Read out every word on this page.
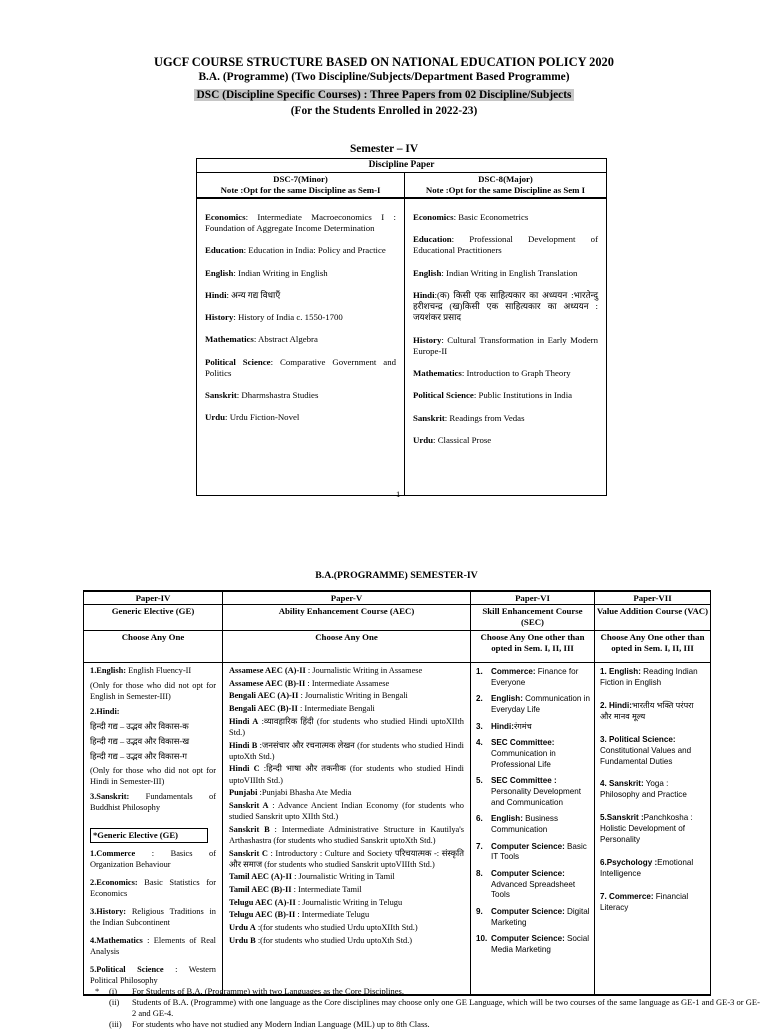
UGCF COURSE STRUCTURE BASED ON NATIONAL EDUCATION POLICY 2020
B.A. (Programme) (Two Discipline/Subjects/Department Based Programme)
DSC (Discipline Specific Courses) : Three Papers from 02 Discipline/Subjects
(For the Students Enrolled in 2022-23)
Semester – IV
Discipline Paper	

DSC-7(Minor)
Note :Opt for the same Discipline as Sem-I

DSC-8(Major)
Note :Opt for the same Discipline as Sem I

Economics: Intermediate Macroeconomics I : Foundation of Aggregate Income Determination
Education: Education in India: Policy and Practice
English: Indian Writing in English
Hindi: अन्य गद्य विधाएँ
History: History of India c. 1550-1700
Mathematics: Abstract Algebra
Political Science: Comparative Government and Politics
Sanskrit: Dharmshastra Studies
Urdu: Urdu Fiction-Novel

Economics: Basic Econometrics
Education: Professional Development of Educational Practitioners
English: Indian Writing in English Translation
Hindi:(क) किसी एक साहित्यकार का अध्ययन :भारतेन्दु हरीशचन्द्र (ख)किसी एक साहित्यकार का अध्ययन : जयशंकर प्रसाद
History: Cultural Transformation in Early Modern Europe-II
Mathematics: Introduction to Graph Theory
Political Science: Public Institutions in India
Sanskrit: Readings from Vedas
Urdu: Classical Prose
1
B.A.(PROGRAMME) SEMESTER-IV
Paper-IV	Paper-V	Paper-VI	Paper-VII
Generic Elective (GE)	Ability Enhancement Course (AEC)	Skill Enhancement Course (SEC)	Value Addition Course (VAC)
Choose Any One	Choose Any One	Choose Any One other than opted in Sem. I, II, III	Choose Any One other than opted in Sem. I, II, III

1.English: English Fluency-II
(Only for those who did not opt for English in Semester-III)
2.Hindi:
हिन्दी गद्य – उद्भव और विकास-क
हिन्दी गद्य – उद्भव और विकास-ख
हिन्दी गद्य – उद्भव और विकास-ग
(Only for those who did not opt for Hindi in Semester-III)
3.Sanskrit: Fundamentals of Buddhist Philosophy
*Generic Elective (GE)
1.Commerce : Basics of Organization Behaviour
2.Economics: Basic Statistics for Economics
3.History: Religious Traditions in the Indian Subcontinent
4.Mathematics : Elements of Real Analysis
5.Political Science : Western Political Philosophy

Assamese AEC (A)-II : Journalistic Writing in Assamese
Assamese AEC (B)-II : Intermediate Assamese
Bengali AEC (A)-II : Journalistic Writing in Bengali
Bengali AEC (B)-II : Intermediate Bengali
Hindi A :व्यावहारिक हिंदी (for students who studied Hindi uptoXIIth Std.)
Hindi B :जनसंचार और रचनात्मक लेखन (for students who studied Hindi uptoXth Std.)
Hindi C :हिन्दी भाषा और तकनीक (for students who studied Hindi uptoVIIIth Std.)
Punjabi :Punjabi Bhasha Ate Media
Sanskrit A : Advance Ancient Indian Economy (for students who studied Sanskrit upto XIIth Std.)
Sanskrit B : Intermediate Administrative Structure in Kautilya's Arthashastra (for students who studied Sanskrit uptoXth Std.)
Sanskrit C : Introductory : Culture and Society परिचयात्मक -: संस्कृति और समाज (for students who studied Sanskrit uptoVIIIth Std.)
Tamil AEC (A)-II : Journalistic Writing in Tamil
Tamil AEC (B)-II : Intermediate Tamil
Telugu AEC (A)-II : Journalistic Writing in Telugu
Telugu AEC (B)-II : Intermediate Telugu
Urdu A :(for students who studied Urdu uptoXIIth Std.)
Urdu B :(for students who studied Urdu uptoXth Std.)

1.	Commerce: Finance for Everyone
2.	English: Communication in Everyday Life
3.	Hindi:रंगमंच
4.	SEC Committee: Communication in Professional Life
5.	SEC Committee : Personality Development and Communication
6.	English: Business Communication
7.	Computer Science: Basic IT Tools
8.	Computer Science: Advanced Spreadsheet Tools
9.	Computer Science: Digital Marketing
10. Computer Science: Social Media Marketing

1. English: Reading Indian Fiction in English
2. Hindi:भारतीय भक्ति परंपरा और मानव मूल्य
3. Political Science: Constitutional Values and Fundamental Duties
4. Sanskrit: Yoga : Philosophy and Practice
5.Sanskrit :Panchkosha : Holistic Development of Personality
6.Psychology :Emotional Intelligence
7. Commerce: Financial Literacy
*	(i)	For Students of B.A. (Programme) with two Languages as the Core Disciplines.
(ii)	Students of B.A. (Programme) with one language as the Core disciplines may choose only one GE Language, which will be two courses of the same language as GE-1 and GE-3 or GE-2 and GE-4.
(iii)	For students who have not studied any Modern Indian Language (MIL) up to 8th Class.
